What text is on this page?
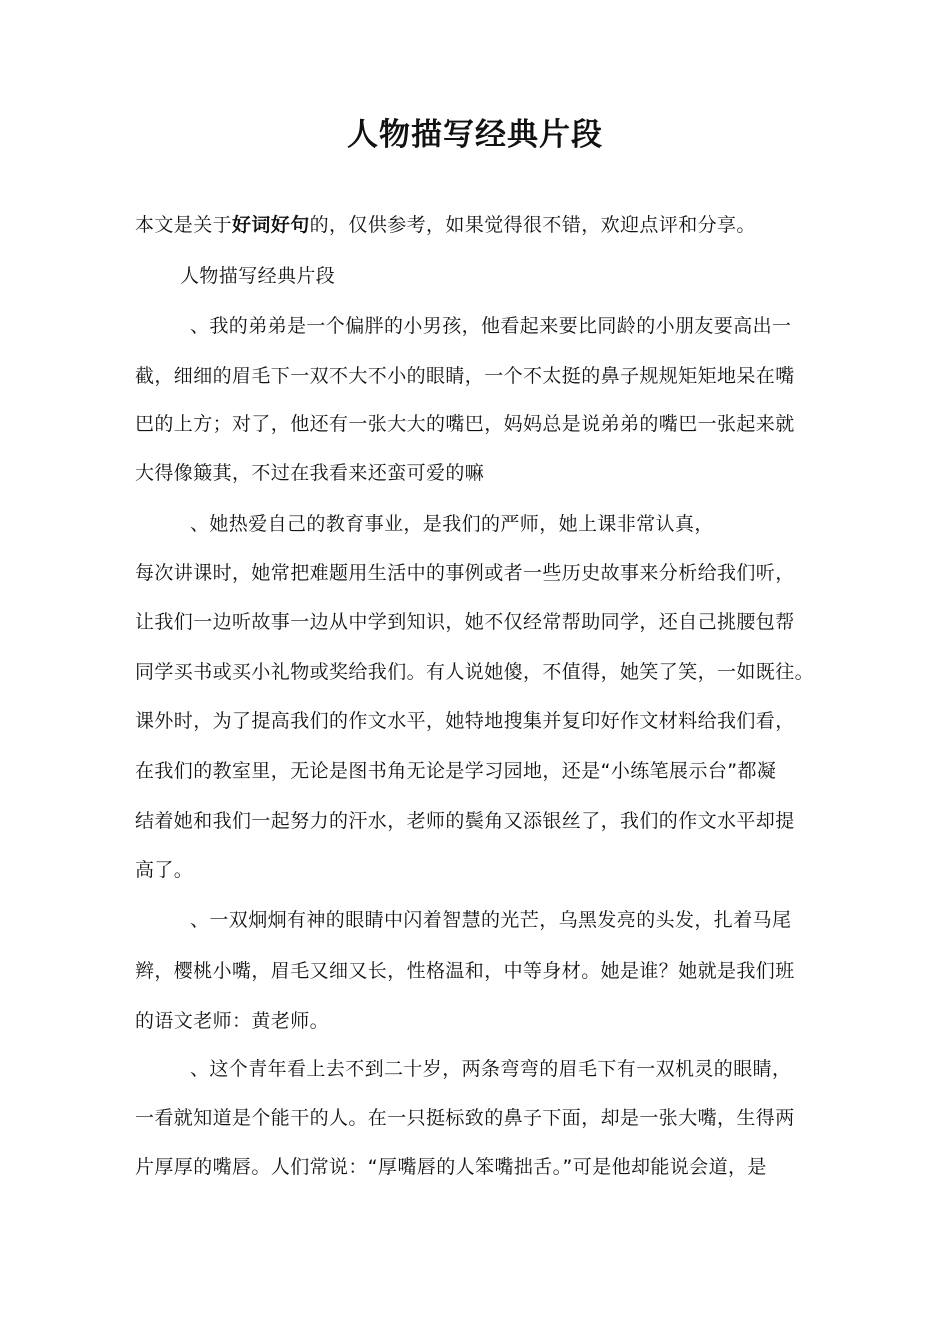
人物描写经典片段
本文是关于好词好句的，仅供参考，如果觉得很不错，欢迎点评和分享。
人物描写经典片段
、我的弟弟是一个偏胖的小男孩，他看起来要比同龄的小朋友要高出一
截，细细的眉毛下一双不大不小的眼睛，一个不太挺的鼻子规规矩矩地呆在嘴
巴的上方；对了，他还有一张大大的嘴巴，妈妈总是说弟弟的嘴巴一张起来就
大得像簸萁，不过在我看来还蛮可爱的嘛
、她热爱自己的教育事业，是我们的严师，她上课非常认真，
每次讲课时，她常把难题用生活中的事例或者一些历史故事来分析给我们听，
让我们一边听故事一边从中学到知识，她不仅经常帮助同学，还自己挑腰包帮
同学买书或买小礼物或奖给我们。有人说她傻，不值得，她笑了笑，一如既往。
课外时，为了提高我们的作文水平，她特地搜集并复印好作文材料给我们看，
在我们的教室里，无论是图书角无论是学习园地，还是“小练笔展示台”都凝
结着她和我们一起努力的汗水，老师的鬓角又添银丝了，我们的作文水平却提
高了。
、一双炯炯有神的眼睛中闪着智慧的光芒，乌黑发亮的头发，扎着马尾
辫，樱桃小嘴，眉毛又细又长，性格温和，中等身材。她是谁？她就是我们班
的语文老师：黄老师。
、这个青年看上去不到二十岁，两条弯弯的眉毛下有一双机灵的眼睛，
一看就知道是个能干的人。在一只挺标致的鼻子下面，却是一张大嘴，生得两
片厚厚的嘴唇。人们常说：“厚嘴唇的人笨嘴拙舌。”可是他却能说会道，是
